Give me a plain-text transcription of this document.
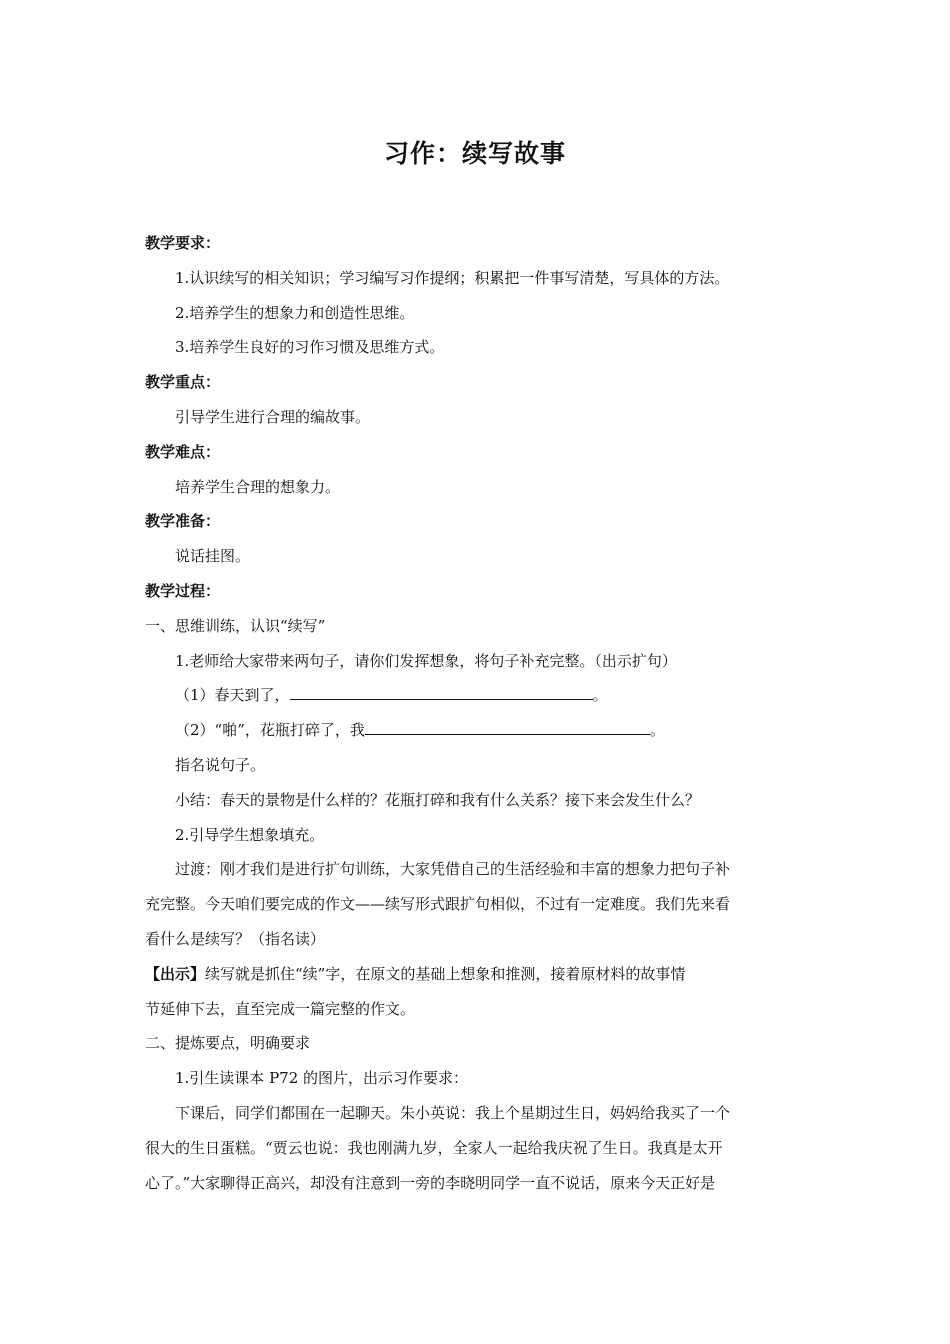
习作：续写故事
教学要求：
1.认识续写的相关知识；学习编写习作提纲；积累把一件事写清楚，写具体的方法。
2.培养学生的想象力和创造性思维。
3.培养学生良好的习作习惯及思维方式。
教学重点：
引导学生进行合理的编故事。
教学难点：
培养学生合理的想象力。
教学准备：
说话挂图。
教学过程：
一、思维训练，认识“续写”
1.老师给大家带来两句子，请你们发挥想象，将句子补充完整。（出示扩句）
（1）春天到了，	。
（2）“啪”，花瓶打碎了，我	。
指名说句子。
小结：春天的景物是什么样的？花瓶打碎和我有什么关系？接下来会发生什么？
2.引导学生想象填充。
过渡：刚才我们是进行扩句训练，大家凭借自己的生活经验和丰富的想象力把句子补
充完整。今天咱们要完成的作文——续写形式跟扩句相似，不过有一定难度。我们先来看
看什么是续写？（指名读）
【出示】续写就是抓住“续”字，在原文的基础上想象和推测，接着原材料的故事情
节延伸下去，直至完成一篇完整的作文。
二、提炼要点，明确要求
1.引生读课本 P72 的图片，出示习作要求：
下课后，同学们都围在一起聊天。朱小英说：我上个星期过生日，妈妈给我买了一个
很大的生日蛋糕。“贾云也说：我也刚满九岁，全家人一起给我庆祝了生日。我真是太开
心了。”大家聊得正高兴，却没有注意到一旁的李晓明同学一直不说话，原来今天正好是
